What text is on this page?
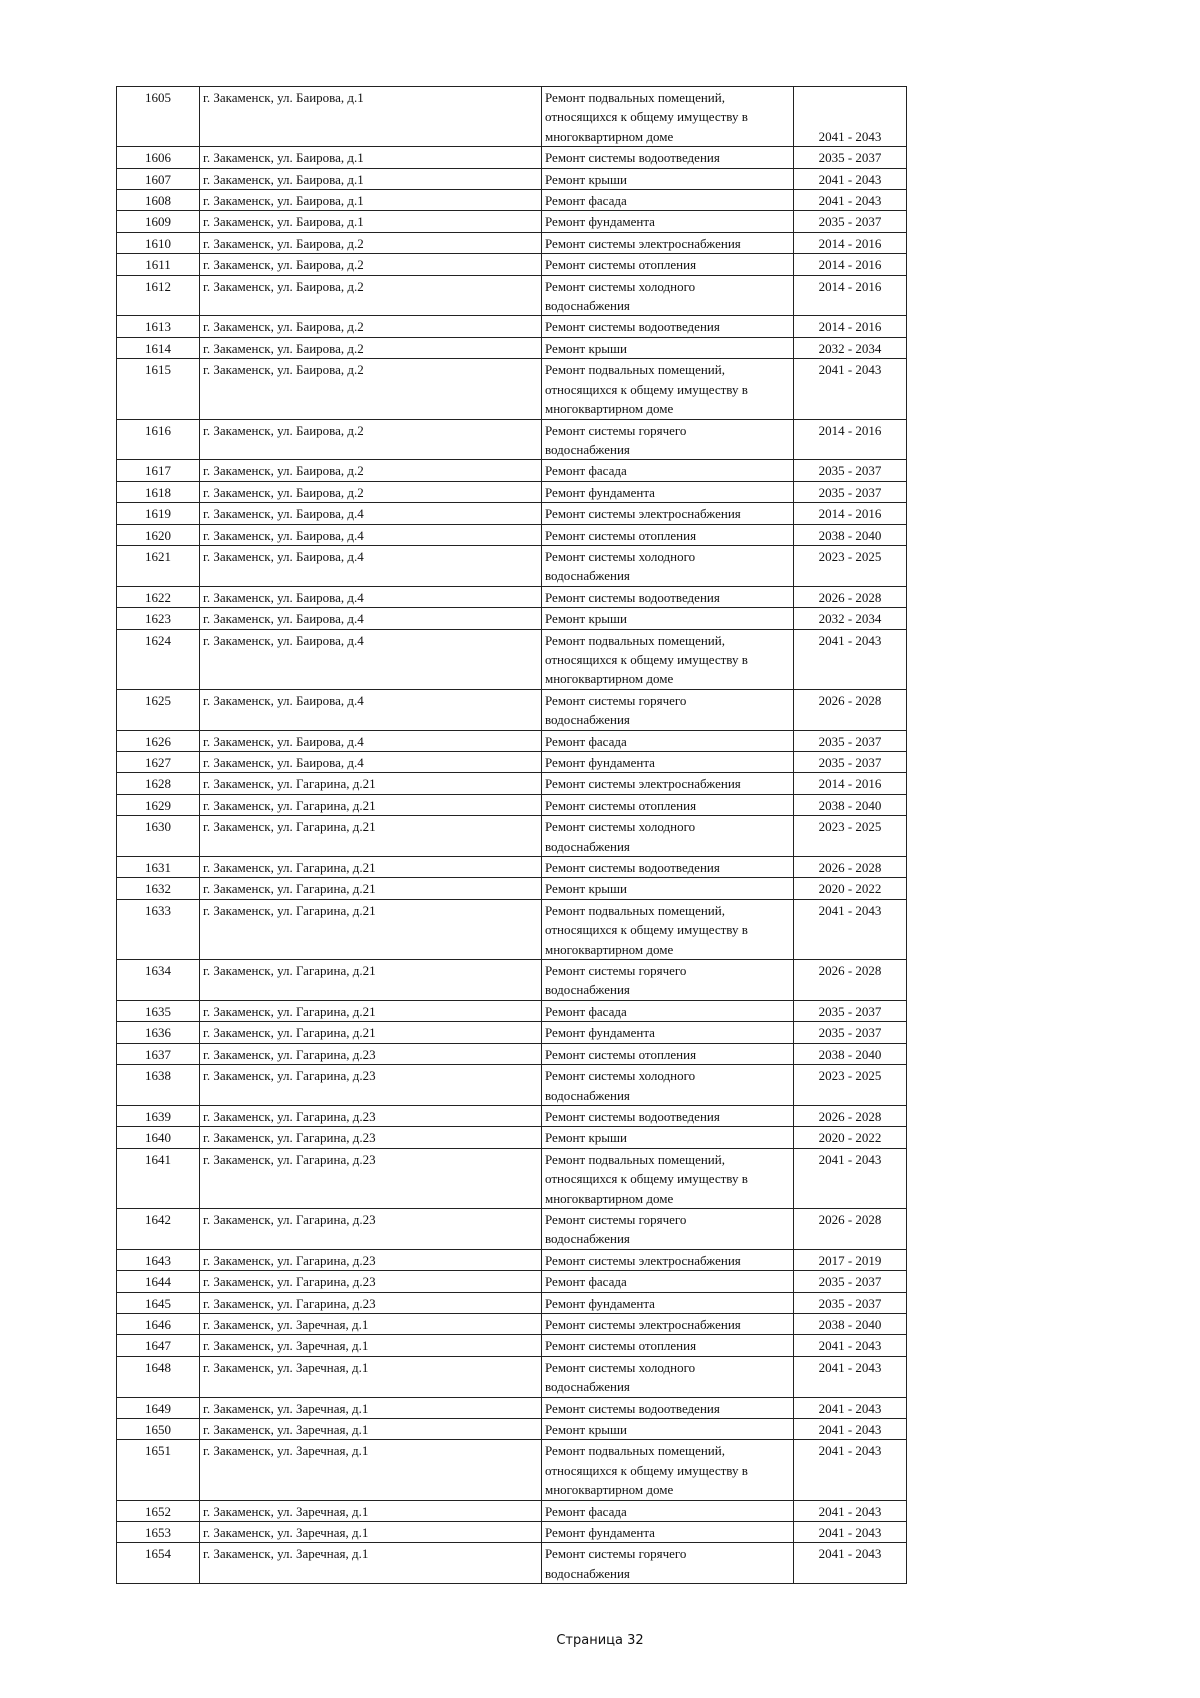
1605	г. Закаменск, ул. Баирова, д.1	Ремонт подвальных помещений,
относящихся к общему имуществу в
многоквартирном доме	2041 - 2043
1606	г. Закаменск, ул. Баирова, д.1	Ремонт системы водоотведения	2035 - 2037
1607	г. Закаменск, ул. Баирова, д.1	Ремонт крыши	2041 - 2043
1608	г. Закаменск, ул. Баирова, д.1	Ремонт фасада	2041 - 2043
1609	г. Закаменск, ул. Баирова, д.1	Ремонт фундамента	2035 - 2037
1610	г. Закаменск, ул. Баирова, д.2	Ремонт системы электроснабжения	2014 - 2016
1611	г. Закаменск, ул. Баирова, д.2	Ремонт системы отопления	2014 - 2016
1612	г. Закаменск, ул. Баирова, д.2	Ремонт системы холодного
водоснабжения	2014 - 2016
1613	г. Закаменск, ул. Баирова, д.2	Ремонт системы водоотведения	2014 - 2016
1614	г. Закаменск, ул. Баирова, д.2	Ремонт крыши	2032 - 2034
1615	г. Закаменск, ул. Баирова, д.2	Ремонт подвальных помещений,
относящихся к общему имуществу в
многоквартирном доме	2041 - 2043
1616	г. Закаменск, ул. Баирова, д.2	Ремонт системы горячего
водоснабжения	2014 - 2016
1617	г. Закаменск, ул. Баирова, д.2	Ремонт фасада	2035 - 2037
1618	г. Закаменск, ул. Баирова, д.2	Ремонт фундамента	2035 - 2037
1619	г. Закаменск, ул. Баирова, д.4	Ремонт системы электроснабжения	2014 - 2016
1620	г. Закаменск, ул. Баирова, д.4	Ремонт системы отопления	2038 - 2040
1621	г. Закаменск, ул. Баирова, д.4	Ремонт системы холодного
водоснабжения	2023 - 2025
1622	г. Закаменск, ул. Баирова, д.4	Ремонт системы водоотведения	2026 - 2028
1623	г. Закаменск, ул. Баирова, д.4	Ремонт крыши	2032 - 2034
1624	г. Закаменск, ул. Баирова, д.4	Ремонт подвальных помещений,
относящихся к общему имуществу в
многоквартирном доме	2041 - 2043
1625	г. Закаменск, ул. Баирова, д.4	Ремонт системы горячего
водоснабжения	2026 - 2028
1626	г. Закаменск, ул. Баирова, д.4	Ремонт фасада	2035 - 2037
1627	г. Закаменск, ул. Баирова, д.4	Ремонт фундамента	2035 - 2037
1628	г. Закаменск, ул. Гагарина, д.21	Ремонт системы электроснабжения	2014 - 2016
1629	г. Закаменск, ул. Гагарина, д.21	Ремонт системы отопления	2038 - 2040
1630	г. Закаменск, ул. Гагарина, д.21	Ремонт системы холодного
водоснабжения	2023 - 2025
1631	г. Закаменск, ул. Гагарина, д.21	Ремонт системы водоотведения	2026 - 2028
1632	г. Закаменск, ул. Гагарина, д.21	Ремонт крыши	2020 - 2022
1633	г. Закаменск, ул. Гагарина, д.21	Ремонт подвальных помещений,
относящихся к общему имуществу в
многоквартирном доме	2041 - 2043
1634	г. Закаменск, ул. Гагарина, д.21	Ремонт системы горячего
водоснабжения	2026 - 2028
1635	г. Закаменск, ул. Гагарина, д.21	Ремонт фасада	2035 - 2037
1636	г. Закаменск, ул. Гагарина, д.21	Ремонт фундамента	2035 - 2037
1637	г. Закаменск, ул. Гагарина, д.23	Ремонт системы отопления	2038 - 2040
1638	г. Закаменск, ул. Гагарина, д.23	Ремонт системы холодного
водоснабжения	2023 - 2025
1639	г. Закаменск, ул. Гагарина, д.23	Ремонт системы водоотведения	2026 - 2028
1640	г. Закаменск, ул. Гагарина, д.23	Ремонт крыши	2020 - 2022
1641	г. Закаменск, ул. Гагарина, д.23	Ремонт подвальных помещений,
относящихся к общему имуществу в
многоквартирном доме	2041 - 2043
1642	г. Закаменск, ул. Гагарина, д.23	Ремонт системы горячего
водоснабжения	2026 - 2028
1643	г. Закаменск, ул. Гагарина, д.23	Ремонт системы электроснабжения	2017 - 2019
1644	г. Закаменск, ул. Гагарина, д.23	Ремонт фасада	2035 - 2037
1645	г. Закаменск, ул. Гагарина, д.23	Ремонт фундамента	2035 - 2037
1646	г. Закаменск, ул. Заречная, д.1	Ремонт системы электроснабжения	2038 - 2040
1647	г. Закаменск, ул. Заречная, д.1	Ремонт системы отопления	2041 - 2043
1648	г. Закаменск, ул. Заречная, д.1	Ремонт системы холодного
водоснабжения	2041 - 2043
1649	г. Закаменск, ул. Заречная, д.1	Ремонт системы водоотведения	2041 - 2043
1650	г. Закаменск, ул. Заречная, д.1	Ремонт крыши	2041 - 2043
1651	г. Закаменск, ул. Заречная, д.1	Ремонт подвальных помещений,
относящихся к общему имуществу в
многоквартирном доме	2041 - 2043
1652	г. Закаменск, ул. Заречная, д.1	Ремонт фасада	2041 - 2043
1653	г. Закаменск, ул. Заречная, д.1	Ремонт фундамента	2041 - 2043
1654	г. Закаменск, ул. Заречная, д.1	Ремонт системы горячего
водоснабжения	2041 - 2043
Страница 32
